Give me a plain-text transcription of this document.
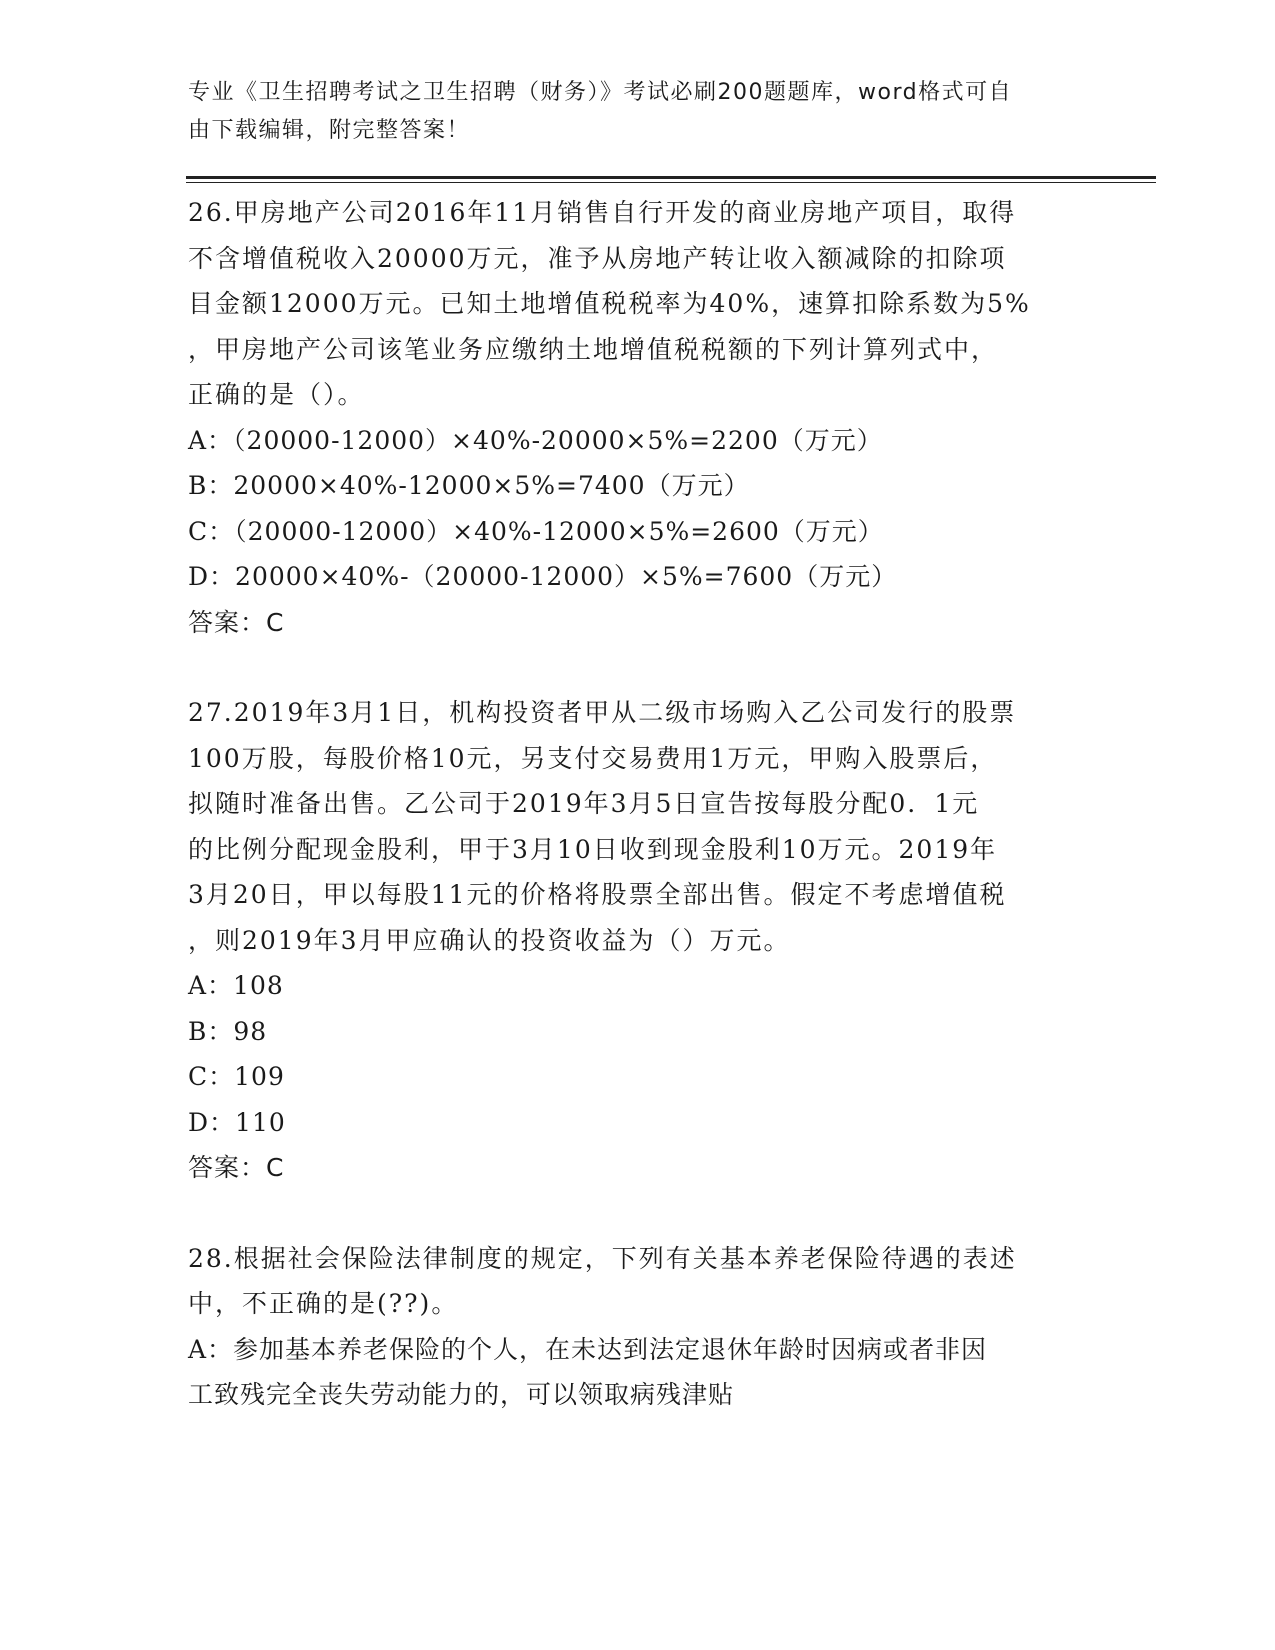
专业《卫生招聘考试之卫生招聘（财务）》考试必刷200题题库，word格式可自

由下载编辑，附完整答案！

26.甲房地产公司2016年11月销售自行开发的商业房地产项目，取得

不含增值税收入20000万元，准予从房地产转让收入额减除的扣除项

目金额12000万元。已知土地增值税税率为40%，速算扣除系数为5%

，甲房地产公司该笔业务应缴纳土地增值税税额的下列计算列式中，

正确的是（）。

A：（20000-12000）×40%-20000×5%=2200（万元）

B：20000×40%-12000×5%=7400（万元）

C：（20000-12000）×40%-12000×5%=2600（万元）

D：20000×40%-（20000-12000）×5%=7600（万元）

答案：C

27.2019年3月1日，机构投资者甲从二级市场购入乙公司发行的股票

100万股，每股价格10元，另支付交易费用1万元，甲购入股票后，

拟随时准备出售。乙公司于2019年3月5日宣告按每股分配0．1元

的比例分配现金股利，甲于3月10日收到现金股利10万元。2019年

3月20日，甲以每股11元的价格将股票全部出售。假定不考虑增值税

，则2019年3月甲应确认的投资收益为（）万元。

A：108

B：98

C：109

D：110

答案：C

28.根据社会保险法律制度的规定，下列有关基本养老保险待遇的表述

中，不正确的是(??)。

A：参加基本养老保险的个人，在未达到法定退休年龄时因病或者非因

工致残完全丧失劳动能力的，可以领取病残津贴
